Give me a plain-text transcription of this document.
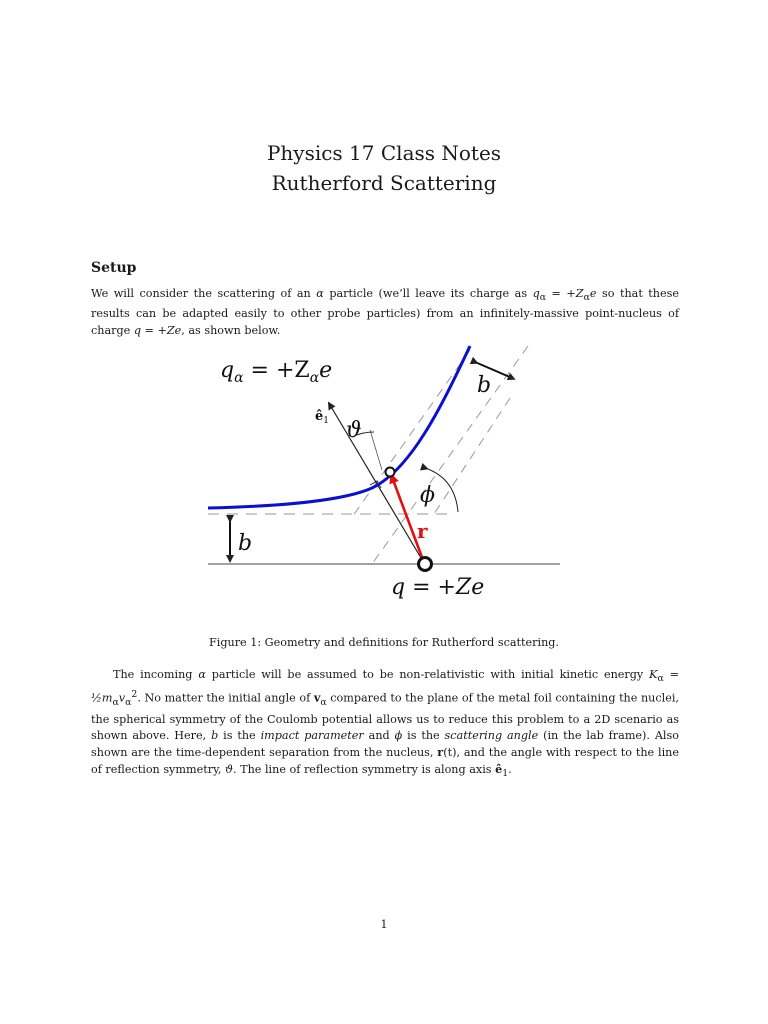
Physics 17 Class Notes
Rutherford Scattering
Setup
We will consider the scattering of an α particle (we’ll leave its charge as $q_\alpha = +Z_\alpha e$ so that these results can be adapted easily to other probe particles) from an infinitely-massive point-nucleus of charge q = +Ze, as shown below.
$q_\alpha = +Z_\alpha e$
b
$ê_1$ ϑ
ϕ
r
b
q = +Ze
Figure 1: Geometry and definitions for Rutherford scattering.
The incoming α particle will be assumed to be non-relativistic with initial kinetic energy $K_\alpha$ = $\frac{1}{2}m_\alpha v_\alpha^2$. No matter the initial angle of $v_\alpha$ compared to the plane of the metal foil containing the nuclei, the spherical symmetry of the Coulomb potential allows us to reduce this problem to a 2D scenario as shown above. Here, b is the impact parameter and ϕ is the scattering angle (in the lab frame). Also shown are the time-dependent separation from the nucleus, r(t), and the angle with respect to the line of reflection symmetry, ϑ. The line of reflection symmetry is along axis $ê_1$.
1
